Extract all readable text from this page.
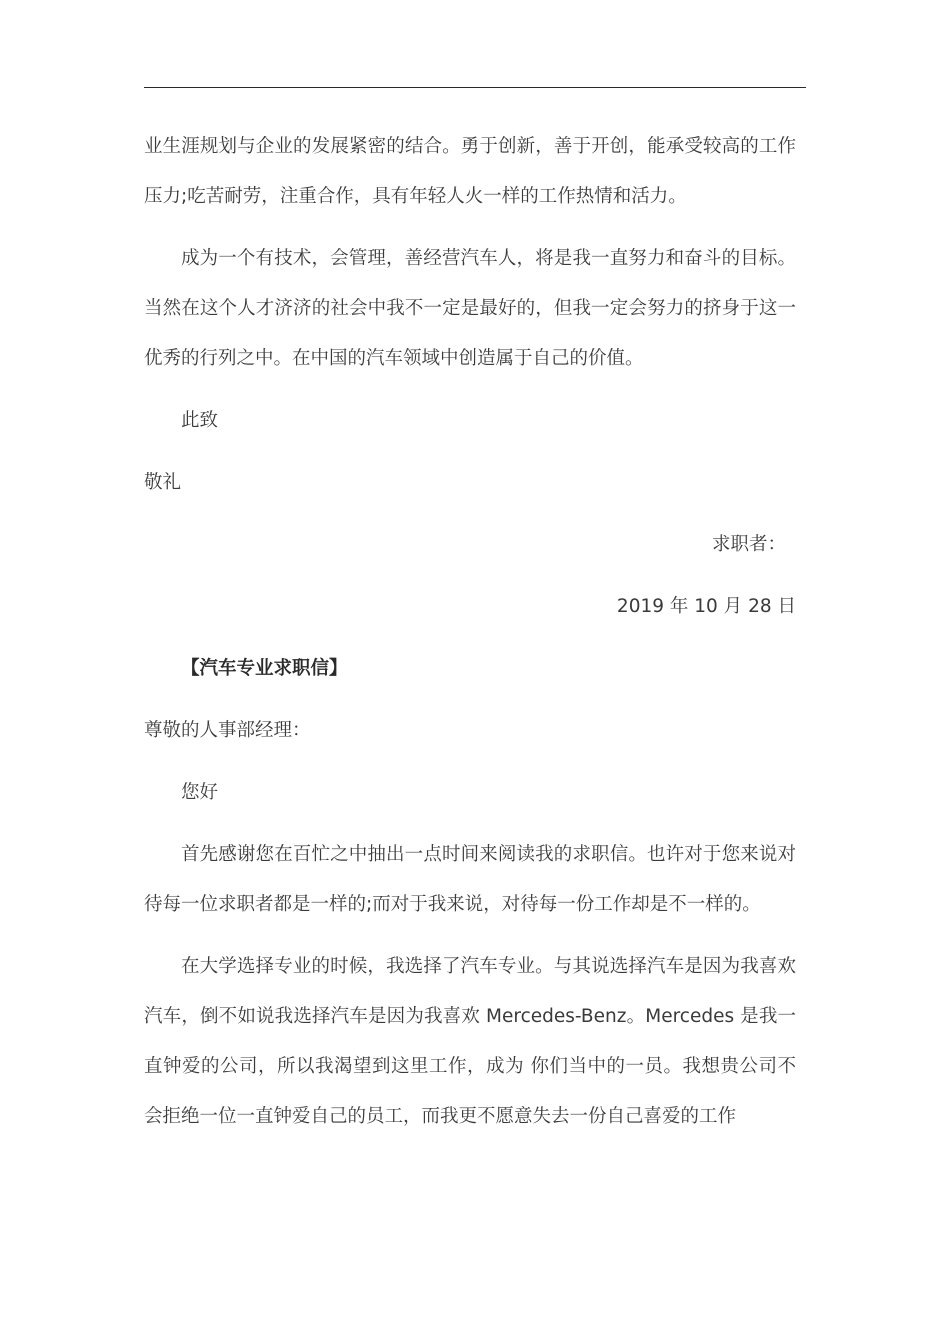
业生涯规划与企业的发展紧密的结合。勇于创新，善于开创，能承受较高的工作压力;吃苦耐劳，注重合作，具有年轻人火一样的工作热情和活力。

成为一个有技术，会管理，善经营汽车人，将是我一直努力和奋斗的目标。当然在这个人才济济的社会中我不一定是最好的，但我一定会努力的挤身于这一优秀的行列之中。在中国的汽车领域中创造属于自己的价值。

此致

敬礼

求职者：

2019 年 10 月 28 日

【汽车专业求职信】

尊敬的人事部经理：

您好

首先感谢您在百忙之中抽出一点时间来阅读我的求职信。也许对于您来说对待每一位求职者都是一样的;而对于我来说，对待每一份工作却是不一样的。

在大学选择专业的时候，我选择了汽车专业。与其说选择汽车是因为我喜欢汽车，倒不如说我选择汽车是因为我喜欢 Mercedes-Benz。Mercedes 是我一直钟爱的公司，所以我渴望到这里工作，成为 你们当中的一员。我想贵公司不会拒绝一位一直钟爱自己的员工，而我更不愿意失去一份自己喜爱的工作
